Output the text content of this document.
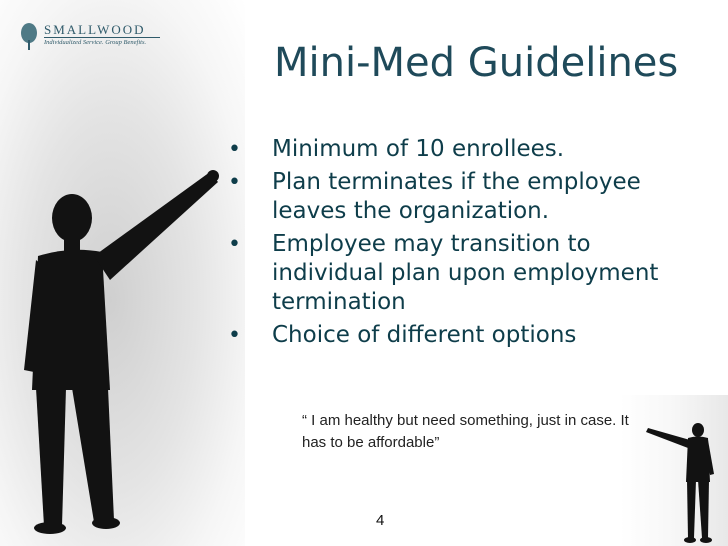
SMALLWOOD
Individualized Service. Group Benefits.	Mini-Med Guidelines
• Minimum of 10 enrollees.
• Plan terminates if the employee leaves the organization.
• Employee may transition to individual plan upon employment termination
• Choice of different options

“ I am healthy but need something, just in case. It has to be affordable”

4
